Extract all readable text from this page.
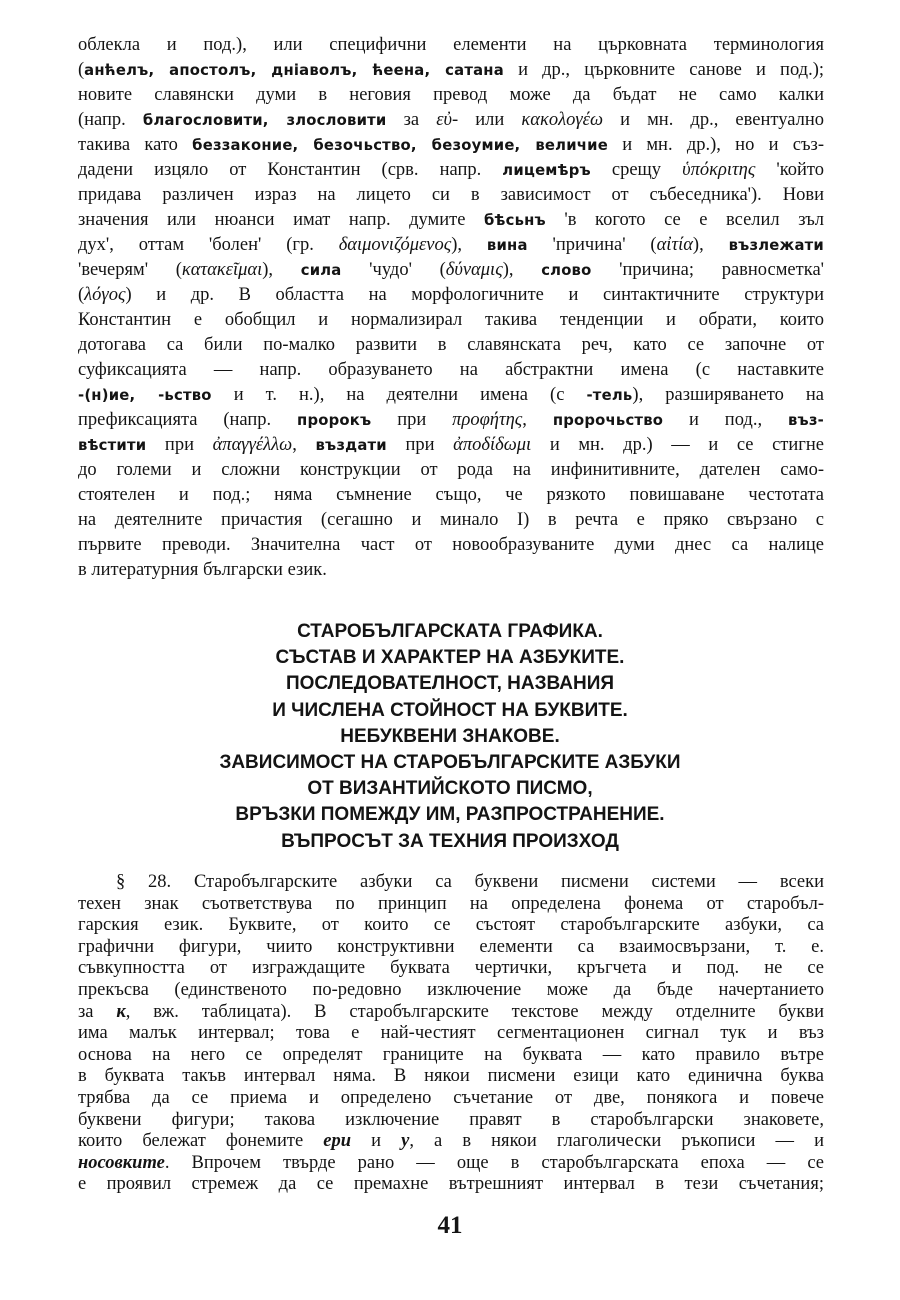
облекла и под.), или специфични елементи на църковната терминология
(анћелъ, апостолъ, дніаволъ, ћеена, сатана и др., църковните санове и под.);
новите славянски думи в неговия превод може да бъдат не само калки
(напр. благословити, злословити за εὐ- или κακολογέω и мн. др., евентуално
такива като беззаконие, безочьство, безоумие, величие и мн. др.), но и съз-
дадени изцяло от Константин (срв. напр. лицемѣръ срещу ὑπόκριτης 'който
придава различен израз на лицето си в зависимост от събеседника'). Нови
значения или нюанси имат напр. думите бѣсьнъ 'в когото се е вселил зъл
дух', оттам 'болен' (гр. δαιμονιζόμενος), вина 'причина' (αἰτία), възлежати
'вечерям' (κατακεῖμαι), сила 'чудо' (δύναμις), слово 'причина; равносметка'
(λόγος) и др. В областта на морфологичните и синтактичните структури
Константин е обобщил и нормализирал такива тенденции и обрати, които
дотогава са били по-малко развити в славянската реч, като се започне от
суфиксацията — напр. образуването на абстрактни имена (с наставките
-(н)ие, -ьство и т. н.), на деятелни имена (с -тель), разширяването на
префиксацията (напр. пророкъ при προφήτης, пророчьство и под., въз-
вѣстити при ἀπαγγέλλω, въздати при ἀποδίδωμι и мн. др.) — и се стигне
до големи и сложни конструкции от рода на инфинитивните, дателен само-
стоятелен и под.; няма съмнение също, че рязкото повишаване честотата
на деятелните причастия (сегашно и минало I) в речта е пряко свързано с
първите преводи. Значителна част от новообразуваните думи днес са налице
в литературния български език.
СТАРОБЪЛГАРСКАТА ГРАФИКА.
СЪСТАВ И ХАРАКТЕР НА АЗБУКИТЕ.
ПОСЛЕДОВАТЕЛНОСТ, НАЗВАНИЯ
И ЧИСЛЕНА СТОЙНОСТ НА БУКВИТЕ.
НЕБУКВЕНИ ЗНАКОВЕ.
ЗАВИСИМОСТ НА СТАРОБЪЛГАРСКИТЕ АЗБУКИ
ОТ ВИЗАНТИЙСКОТО ПИСМО,
ВРЪЗКИ ПОМЕЖДУ ИМ, РАЗПРОСТРАНЕНИЕ.
ВЪПРОСЪТ ЗА ТЕХНИЯ ПРОИЗХОД
§ 28. Старобългарските азбуки са буквени писмени системи — всеки
техен знак съответствува по принцип на определена фонема от старобъл-
гарския език. Буквите, от които се състоят старобългарските азбуки, са
графични фигури, чиито конструктивни елементи са взаимосвързани, т. е.
съвкупността от изграждащите буквата чертички, кръгчета и под. не се
прекъсва (единственото по-редовно изключение може да бъде начертанието
за к, вж. таблицата). В старобългарските текстове между отделните букви
има малък интервал; това е най-честият сегментационен сигнал тук и въз
основа на него се определят границите на буквата — като правило вътре
в буквата такъв интервал няма. В някои писмени езици като единична буква
трябва да се приема и определено съчетание от две, понякога и повече
буквени фигури; такова изключение правят в старобългарски знаковете,
които бележат фонемите ери и у, а в някои глаголически ръкописи — и
носовките. Впрочем твърде рано — още в старобългарската епоха — се
е проявил стремеж да се премахне вътрешният интервал в тези съчетания;
41
